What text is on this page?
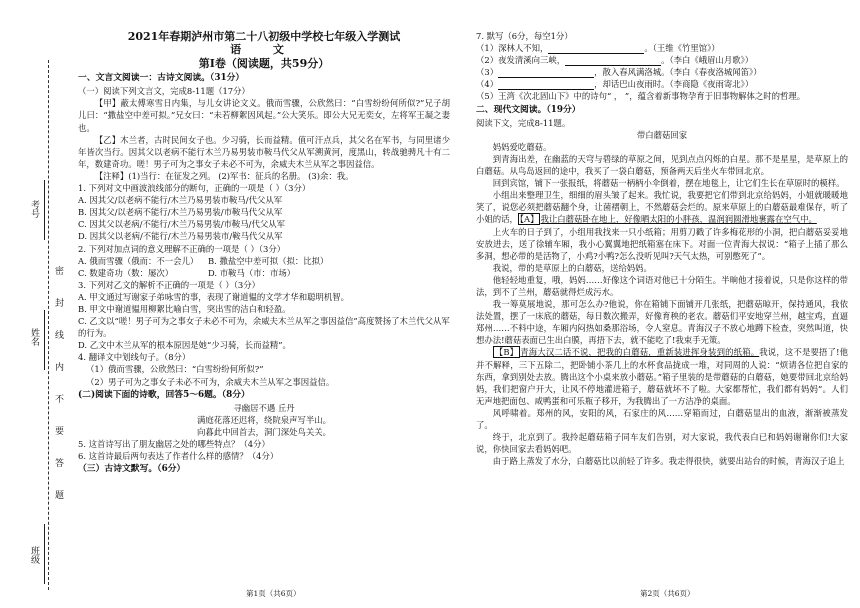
考号
姓名
班级
密
封
线
内
不
要
答
题

2021年春期泸州市第二十八初级中学校七年级入学测试

语 文

第Ⅰ卷（阅读题，共59分）

一、文言文阅读一：古诗文阅读。（31分）

（一）阅读下列文言文，完成8-11题（17分）

【甲】蔽太傅寒雪日内集，与儿女讲论文义。俄而雪骤，公欣然曰：“白雪纷纷何所似?”兄子胡儿曰：“撒盐空中差可拟。”兄女曰：“未若柳絮因风起。”公大笑乐。即公大兄无奕女，左将军王凝之妻也。

【乙】木兰者，古时民间女子也。少习骑，长而益精。值可汗点兵，其父名在军书，与同里诸少年皆次当行。因其父以老病不能行木兰乃易男装市鞍马代父从军溯黄河，度黑山，转战驰骋凡十有二年，数建奇功。嗟！男子可为之事女子未必不可为，余威夫木兰从军之事因益信。

【注释】(1)当行：在征发之列。 (2)军书：征兵的名册。 (3)余：我。

1. 下列对文中画波浪线部分的断句，正确的一项是（ ）（3分）

A. 因其父/以老病不能行/木兰乃易男装市鞍马/代父从军

B. 因其父/以老病不能行/木兰乃易男装/市鞍马代父从军

C. 因其父以老病/不能行/木兰乃易男装/市鞍马/代父从军

D. 因其父以老病/不能行/木兰乃易男装市/鞍马代父从军

2. 下列对加点词的意义理解不正确的一项是（ ）（3分）

A. 俄而雪骤（俄而：不一会儿） B. 撒盐空中差可拟（拟：比拟）

C. 数建奇功（数：屡次）	D. 市鞍马（市：市场）

3. 下列对乙文的解析不正确的一项是（ ）（3分）

A. 甲文通过写谢家子弟咏雪的事，表现了谢道韫的文学才华和聪明机智。

B. 甲文中谢道韫用柳絮比喻白雪，突出雪的洁白和轻盈。

C. 乙文以“嗟！男子可为之事女子未必不可为，余威夫木兰从军之事因益信”高度赞扬了木兰代父从军的行为。

D. 乙文中木兰从军的根本原因是她“少习骑，长而益精”。

4. 翻译文中划线句子。（8分）

（1）俄而雪骤，公欣然曰：“白雪纷纷何所似?”

（2）男子可为之事女子未必不可为，余威夫木兰从军之事因益信。

(二)阅读下面的诗歌，回答5～6题。（8分）

寻幽居不遇 丘丹

满庭花落还迟将，绕院泉声写半山。

向暮此中回首去，洞门深处鸟关关。

5. 这首诗写出了朋友幽居之处的哪些特点？（4分）

6. 这首诗最后两句表达了作者什么样的感情？（4分）

（三）古诗文默写。（6分）

7. 默写（6分，每空1分）

（1）深林人不知，	。（王维《竹里馆》）

（2）夜发清溪向三峡，	。（李白《峨眉山月歌》）

（3）	，散入春风满洛城。（李白《春夜洛城闻笛》）

（4）	，却话巴山夜雨时。（李商隐《夜雨寄北》）

（5）王湾《次北固山下》中的诗句“ ， ”，蕴含着新事物孕育于旧事物解体之时的哲理。

二、现代文阅读。（19分）

阅读下文，完成8-11题。

带白蘑菇回家

妈妈爱吃蘑菇。

到青海出差，在幽蓝的天穹与碧绿的草原之间，见到点点闪烁的白星。那不是星星，是草原上的白蘑菇。从鸟岛返回的途中，我买了一袋白蘑菇，预备两天后坐火车带回北京。

回到宾馆，铺下一张报纸，将蘑菇一柄柄小伞倒着，摆在地毯上，让它们生长在草原时的模样。

小组出来整理卫生，细细的眉头皱了起来。我忙说，我要把它们带到北京给妈妈，小姐就暖暖地笑了，说您必须把蘑菇翻个身，让菌褶朝上，不然蘑菇会烂的。原来草原上的白蘑菇最难保存，听了小姐的话， 【A】 我让白蘑菇卧在地上，好像晒太阳的小胖孩，温润润圆滑地裹露在空气中。

上火车的日子到了，小组用我找来一只小纸箱；用剪刀戳了许多梅花形的小洞，把白蘑菇妥妥地安放进去，送了徐辅车厢，我小心翼翼地把纸箱塞在床下。对面一位青海大叔说：“箱子上插了那么多洞，想必带的是活物了，小鸡?小鸭?怎么没听见叫?天气太热，可别憋死了”。

我说，带的是草原上的白蘑菇，送给妈妈。

他轻轻地重复，哦，妈妈……好像这个词语对他已十分陌生。半晌他才接着说，只是你这样的带法，到不了兰州，蘑菇就得烂成污水。

我一筹莫展地说，那可怎么办?他说，你在箱铺下面铺开几张纸，把蘑菇晾开，保持通风，我依法处置，摆了一床底的蘑菇，每日数次搬弄，好像育秧的老农。蘑菇们平安地穿兰州，越宝鸡，直逼郑州……不料中途，车厢内闷热如桑那浴场，令人窒息。青海汉子不放心地蹲下检查，突然叫道，快想办法!蘑菇表面已生出白膜，再捂下去，就不能吃了!我束手无策。

【B】 青海大汉二话不说，把我的白蘑菇，重新装进挥身装到的纸箱。我说，这不是要捂了!他并不解释，三下五除二，把卧铺小茶几上的水杯食品拢成一堆，对同周的人说：“烦请各位把自家的东西，拿到别处去放。腾出这个小桌来放小蘑菇。”箱子里装的是带蘑菇的白蘑菇，她要带回北京给妈妈，我们把窗户开大，让风不停地灌进箱子，蘑菇就坏不了啦。大家都帮忙，我们都有妈妈”。人们无声地把面包、咸鸭蛋和可乐瓶子移开，为我腾出了一方洁净的桌面。

风呼啸着。郑州的风，安阳的风，石家庄的风……穿箱而过，白蘑菇显出的血液，渐渐被蒸发了。

终于，北京到了。我拎起蘑菇箱子同车友们告别，对大家说，我代表白已和妈妈谢谢你们!大家说，你快回家去看妈妈吧。

由于路上蒸发了水分，白蘑菇比以前轻了许多。我走得很快，就要出站台的时候，青海汉子追上

第1页（共6页）	第2页（共6页）
